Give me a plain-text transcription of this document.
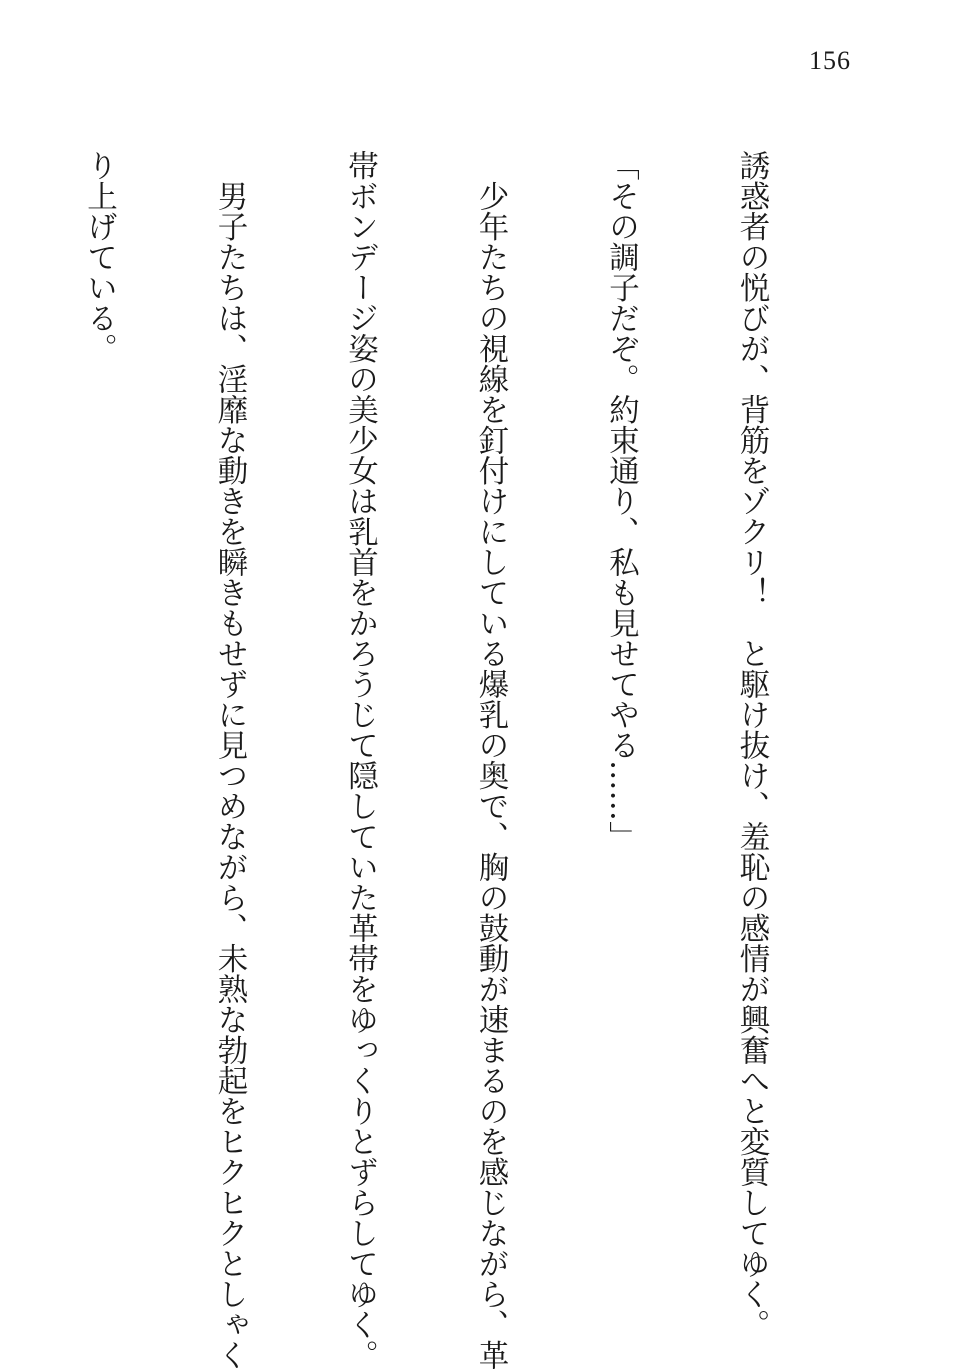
156

誘惑者の悦びが、背筋をゾクリ！　と駆け抜け、羞恥の感情が興奮へと変質してゆく。

「その調子だぞ。約束通り、私も見せてやる……」

　少年たちの視線を釘付けにしている爆乳の奥で、胸の鼓動が速まるのを感じながら、革

帯ボンデージ姿の美少女は乳首をかろうじて隠していた革帯をゆっくりとずらしてゆく。

　男子たちは、淫靡な動きを瞬きもせずに見つめながら、未熟な勃起をヒクヒクとしゃく

り上げている。
